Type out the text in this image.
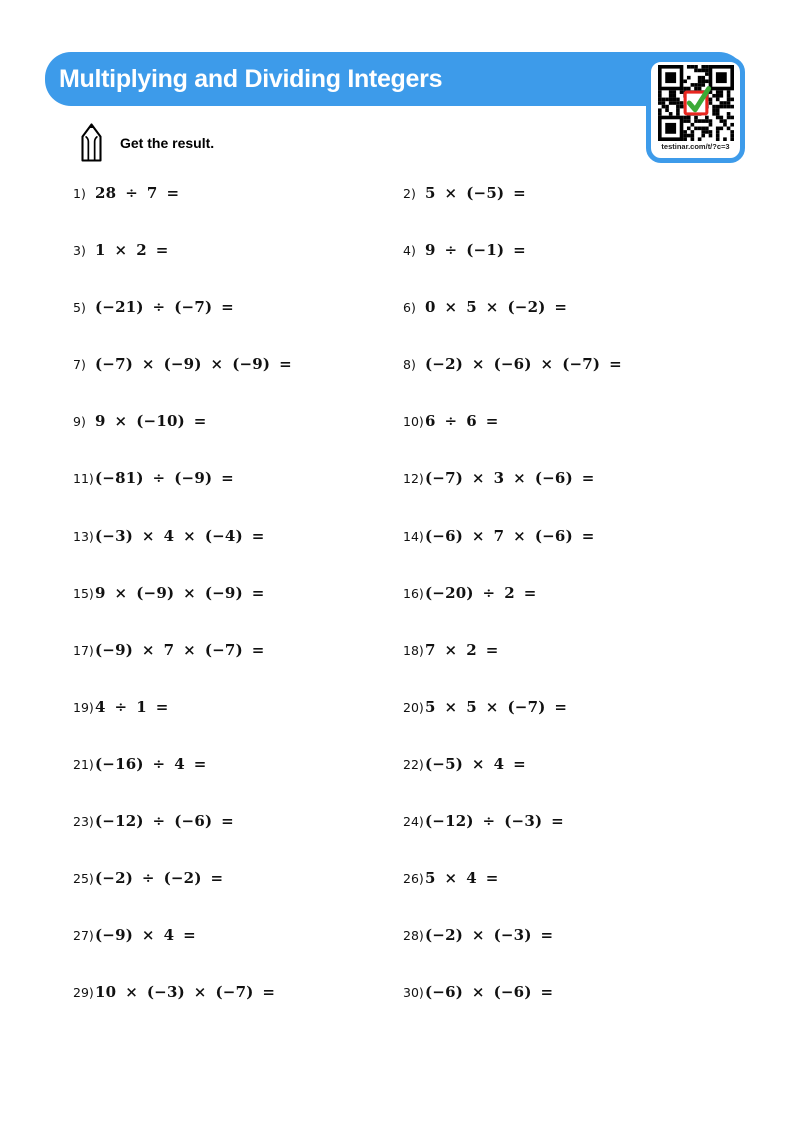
Multiplying and Dividing Integers
testinar.com/t/?c=3
Get the result.
1) 28 ÷ 7 =	2) 5 × (−5) =
3) 1 × 2 =	4) 9 ÷ (−1) =
5) (−21) ÷ (−7) =	6) 0 × 5 × (−2) =
7) (−7) × (−9) × (−9) =	8) (−2) × (−6) × (−7) =
9) 9 × (−10) =	10) 6 ÷ 6 =
11) (−81) ÷ (−9) =	12) (−7) × 3 × (−6) =
13) (−3) × 4 × (−4) =	14) (−6) × 7 × (−6) =
15) 9 × (−9) × (−9) =	16) (−20) ÷ 2 =
17) (−9) × 7 × (−7) =	18) 7 × 2 =
19) 4 ÷ 1 =	20) 5 × 5 × (−7) =
21) (−16) ÷ 4 =	22) (−5) × 4 =
23) (−12) ÷ (−6) =	24) (−12) ÷ (−3) =
25) (−2) ÷ (−2) =	26) 5 × 4 =
27) (−9) × 4 =	28) (−2) × (−3) =
29) 10 × (−3) × (−7) =	30) (−6) × (−6) =
